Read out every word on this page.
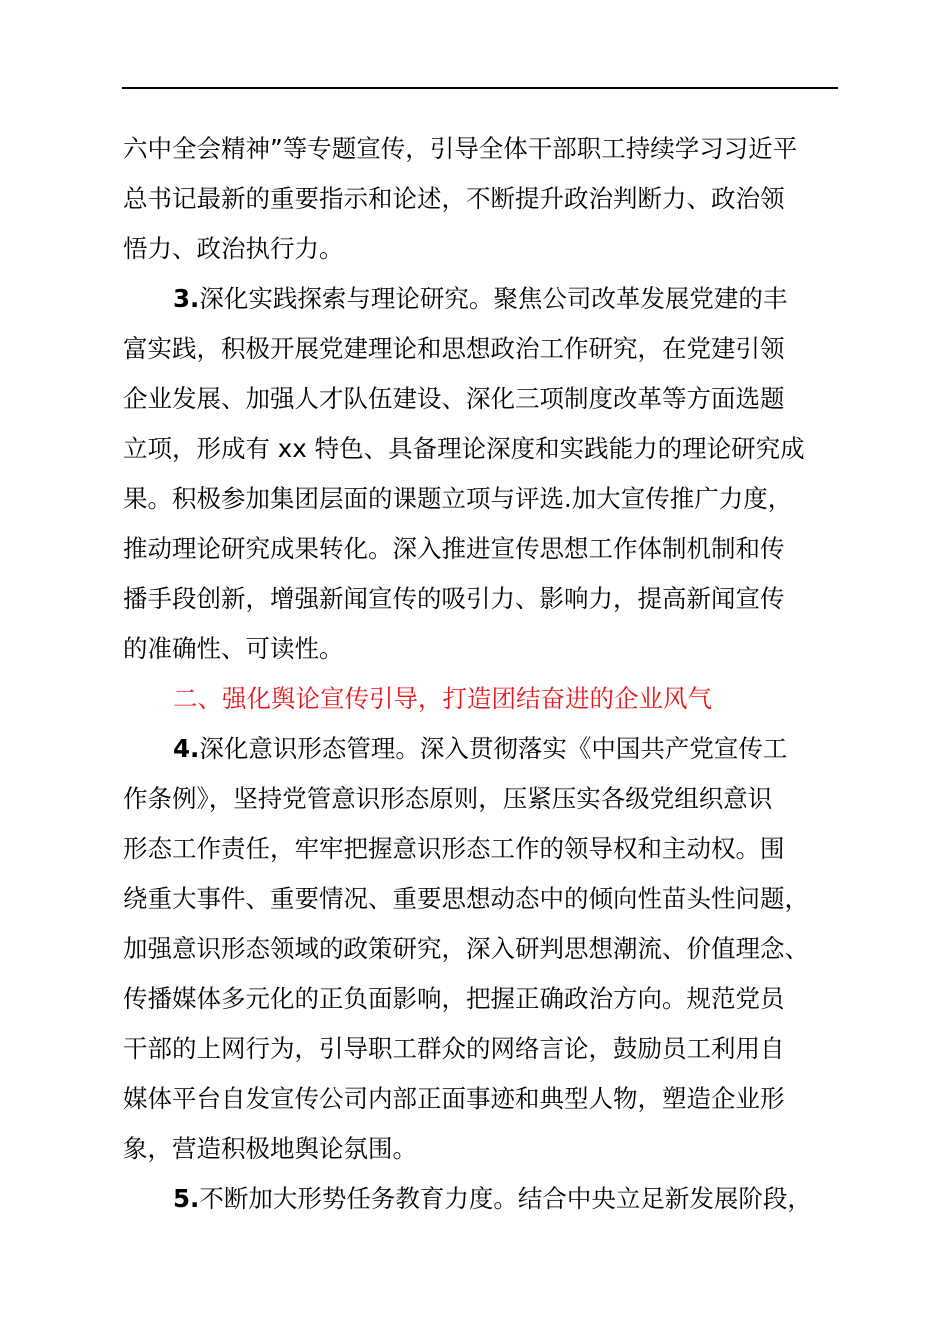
六中全会精神”等专题宣传，引导全体干部职工持续学习习近平
总书记最新的重要指示和论述，不断提升政治判断力、政治领
悟力、政治执行力。
3.深化实践探索与理论研究。聚焦公司改革发展党建的丰
富实践，积极开展党建理论和思想政治工作研究，在党建引领
企业发展、加强人才队伍建设、深化三项制度改革等方面选题
立项，形成有 xx 特色、具备理论深度和实践能力的理论研究成
果。积极参加集团层面的课题立项与评选.加大宣传推广力度，
推动理论研究成果转化。深入推进宣传思想工作体制机制和传
播手段创新，增强新闻宣传的吸引力、影响力，提高新闻宣传
的准确性、可读性。
二、强化舆论宣传引导，打造团结奋进的企业风气
4.深化意识形态管理。深入贯彻落实《中国共产党宣传工
作条例》，坚持党管意识形态原则，压紧压实各级党组织意识
形态工作责任，牢牢把握意识形态工作的领导权和主动权。围
绕重大事件、重要情况、重要思想动态中的倾向性苗头性问题，
加强意识形态领域的政策研究，深入研判思想潮流、价值理念、
传播媒体多元化的正负面影响，把握正确政治方向。规范党员
干部的上网行为，引导职工群众的网络言论，鼓励员工利用自
媒体平台自发宣传公司内部正面事迹和典型人物，塑造企业形
象，营造积极地舆论氛围。
5.不断加大形势任务教育力度。结合中央立足新发展阶段，
